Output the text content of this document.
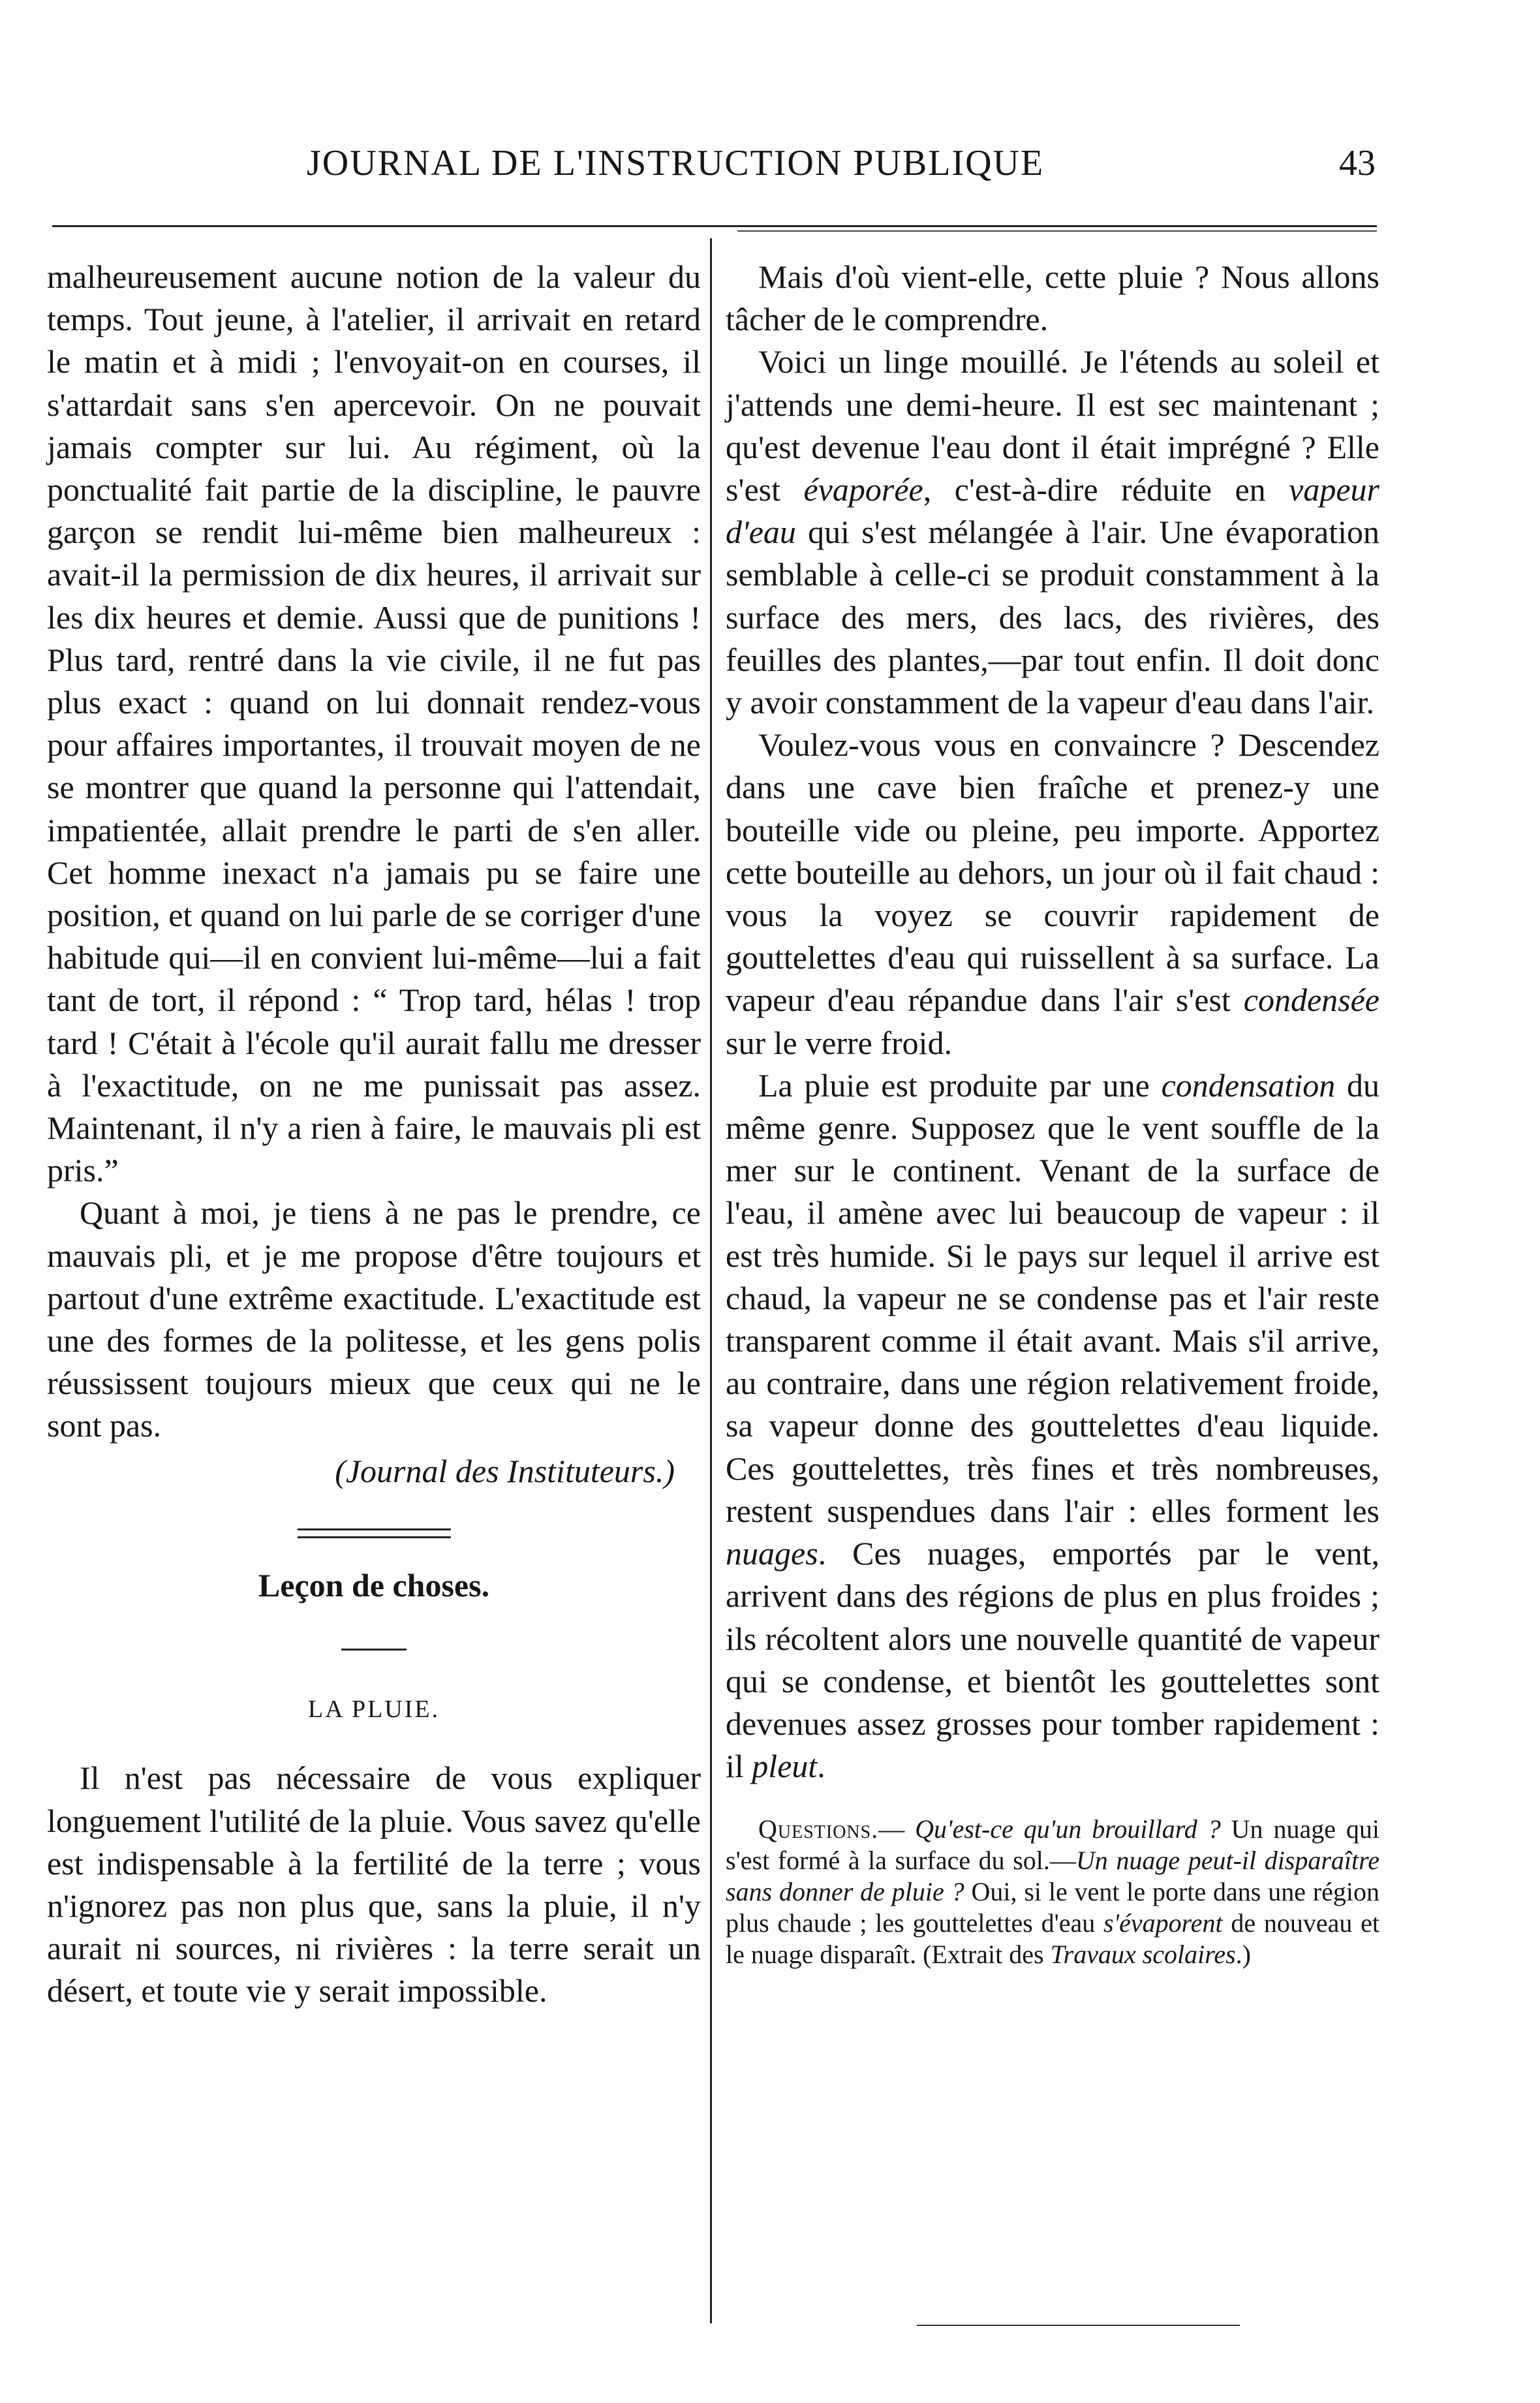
JOURNAL DE L'INSTRUCTION PUBLIQUE	43

malheureusement aucune notion de la valeur du temps. Tout jeune, à l'atelier, il arrivait en retard le matin et à midi ; l'envoyait-on en courses, il s'attardait sans s'en apercevoir. On ne pouvait jamais compter sur lui. Au régiment, où la ponctualité fait partie de la discipline, le pauvre garçon se rendit lui-même bien malheureux : avait-il la permission de dix heures, il arrivait sur les dix heures et demie. Aussi que de punitions ! Plus tard, rentré dans la vie civile, il ne fut pas plus exact : quand on lui donnait rendez-vous pour affaires importantes, il trouvait moyen de ne se montrer que quand la personne qui l'attendait, impatientée, allait prendre le parti de s'en aller. Cet homme inexact n'a jamais pu se faire une position, et quand on lui parle de se corriger d'une habitude qui—il en convient lui-même—lui a fait tant de tort, il répond : “ Trop tard, hélas ! trop tard ! C'était à l'école qu'il aurait fallu me dresser à l'exactitude, on ne me punissait pas assez. Maintenant, il n'y a rien à faire, le mauvais pli est pris.”

Quant à moi, je tiens à ne pas le prendre, ce mauvais pli, et je me propose d'être toujours et partout d'une extrême exactitude. L'exactitude est une des formes de la politesse, et les gens polis réussissent toujours mieux que ceux qui ne le sont pas.

(Journal des Instituteurs.)

Leçon de choses.

LA PLUIE.

Il n'est pas nécessaire de vous expliquer longuement l'utilité de la pluie. Vous savez qu'elle est indispensable à la fertilité de la terre ; vous n'ignorez pas non plus que, sans la pluie, il n'y aurait ni sources, ni rivières : la terre serait un désert, et toute vie y serait impossible.

Mais d'où vient-elle, cette pluie ? Nous allons tâcher de le comprendre.

Voici un linge mouillé. Je l'étends au soleil et j'attends une demi-heure. Il est sec maintenant ; qu'est devenue l'eau dont il était imprégné ? Elle s'est évaporée, c'est-à-dire réduite en vapeur d'eau qui s'est mélangée à l'air. Une évaporation semblable à celle-ci se produit constamment à la surface des mers, des lacs, des rivières, des feuilles des plantes,—par tout enfin. Il doit donc y avoir constamment de la vapeur d'eau dans l'air.

Voulez-vous vous en convaincre ? Descendez dans une cave bien fraîche et prenez-y une bouteille vide ou pleine, peu importe. Apportez cette bouteille au dehors, un jour où il fait chaud : vous la voyez se couvrir rapidement de gouttelettes d'eau qui ruissellent à sa surface. La vapeur d'eau répandue dans l'air s'est condensée sur le verre froid.

La pluie est produite par une condensation du même genre. Supposez que le vent souffle de la mer sur le continent. Venant de la surface de l'eau, il amène avec lui beaucoup de vapeur : il est très humide. Si le pays sur lequel il arrive est chaud, la vapeur ne se condense pas et l'air reste transparent comme il était avant. Mais s'il arrive, au contraire, dans une région relativement froide, sa vapeur donne des gouttelettes d'eau liquide. Ces gouttelettes, très fines et très nombreuses, restent suspendues dans l'air : elles forment les nuages. Ces nuages, emportés par le vent, arrivent dans des régions de plus en plus froides ; ils récoltent alors une nouvelle quantité de vapeur qui se condense, et bientôt les gouttelettes sont devenues assez grosses pour tomber rapidement : il pleut.

Questions.— Qu'est-ce qu'un brouillard ? Un nuage qui s'est formé à la surface du sol.—Un nuage peut-il disparaître sans donner de pluie ? Oui, si le vent le porte dans une région plus chaude ; les gouttelettes d'eau s'évaporent de nouveau et le nuage disparaît. (Extrait des Travaux scolaires.)
